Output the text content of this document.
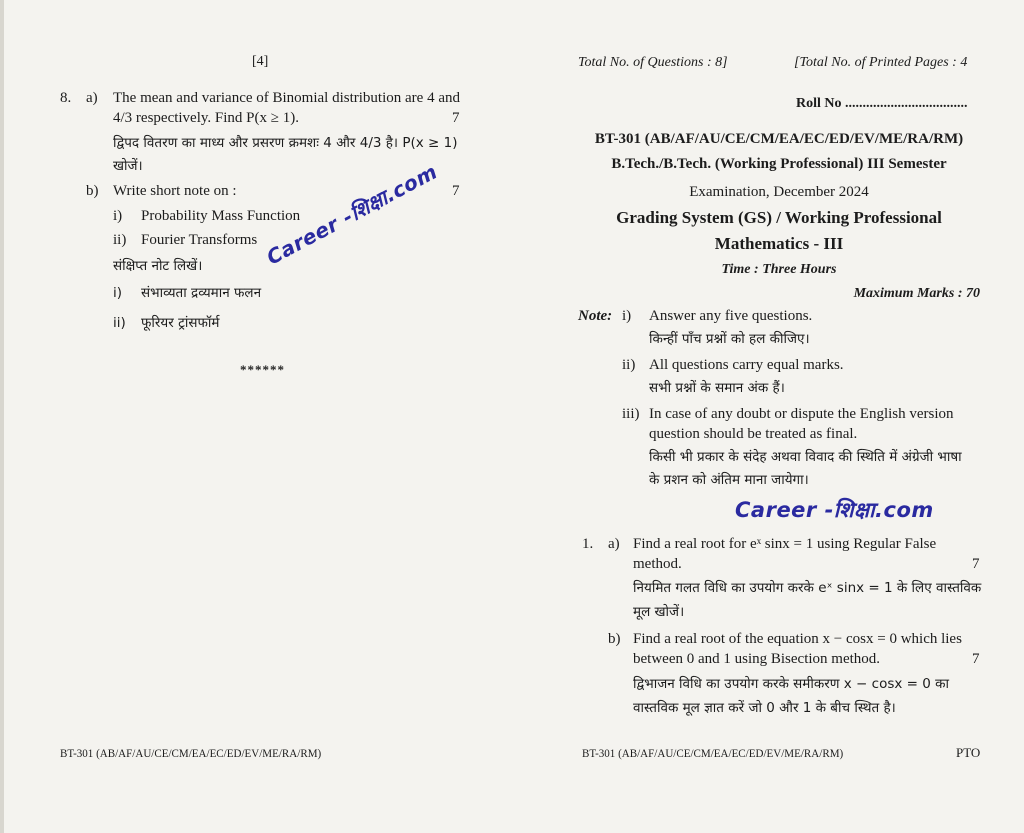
[4]
8. a) The mean and variance of Binomial distribution are 4 and
4/3 respectively. Find P(x ≥ 1).	7
द्विपद वितरण का माध्य और प्रसरण क्रमशः 4 और 4/3 है। P(x ≥ 1)
खोजें।
b) Write short note on :	7
i) Probability Mass Function
ii) Fourier Transforms
संक्षिप्त नोट लिखें।
i) संभाव्यता द्रव्यमान फलन
ii) फूरियर ट्रांसफॉर्म
Career -शिक्षा.com
******
BT-301 (AB/AF/AU/CE/CM/EA/EC/ED/EV/ME/RA/RM)
Total No. of Questions : 8]	[Total No. of Printed Pages : 4
Roll No ...................................
BT-301 (AB/AF/AU/CE/CM/EA/EC/ED/EV/ME/RA/RM)
B.Tech./B.Tech. (Working Professional) III Semester
Examination, December 2024
Grading System (GS) / Working Professional
Mathematics - III
Time : Three Hours
Maximum Marks : 70
Note: i) Answer any five questions.
किन्हीं पाँच प्रश्नों को हल कीजिए।
ii) All questions carry equal marks.
सभी प्रश्नों के समान अंक हैं।
iii) In case of any doubt or dispute the English version
question should be treated as final.
किसी भी प्रकार के संदेह अथवा विवाद की स्थिति में अंग्रेजी भाषा
के प्रशन को अंतिम माना जायेगा।
Career -शिक्षा.com
1. a) Find a real root for eˣ sinx = 1 using Regular False
method.	7
नियमित गलत विधि का उपयोग करके eˣ sinx = 1 के लिए वास्तविक
मूल खोजें।
b) Find a real root of the equation x − cosx = 0 which lies
between 0 and 1 using Bisection method.	7
द्विभाजन विधि का उपयोग करके समीकरण x − cosx = 0 का
वास्तविक मूल ज्ञात करें जो 0 और 1 के बीच स्थित है।
BT-301 (AB/AF/AU/CE/CM/EA/EC/ED/EV/ME/RA/RM)	PTO
